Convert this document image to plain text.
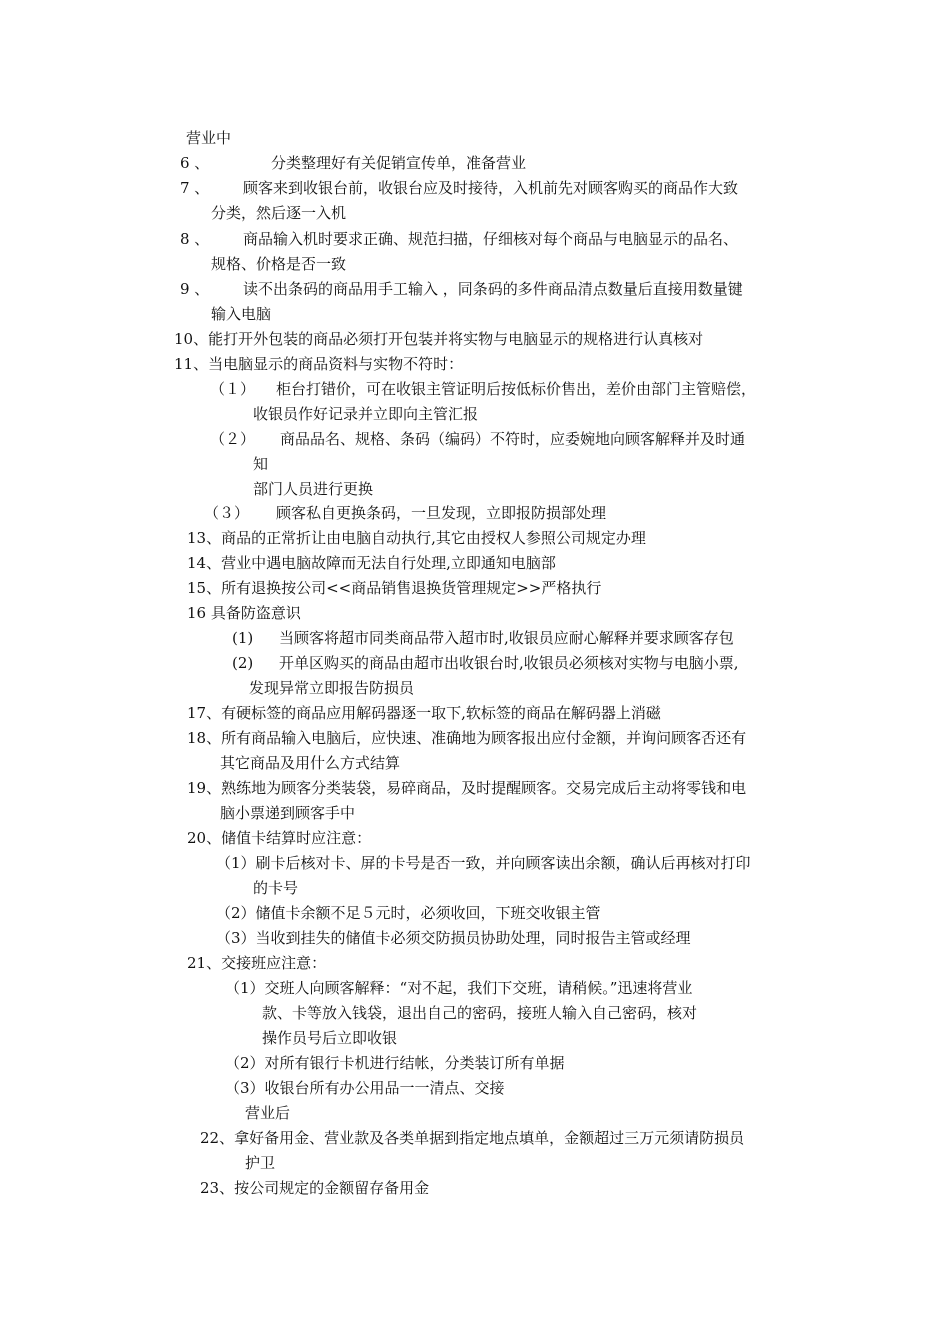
营业中
6 、	分类整理好有关促销宣传单，准备营业
7 、 顾客来到收银台前，收银台应及时接待，入机前先对顾客购买的商品作大致
分类，然后逐一入机
8 、 商品输入机时要求正确、规范扫描，仔细核对每个商品与电脑显示的品名、
规格、价格是否一致
9 、 读不出条码的商品用手工输入 ，同条码的多件商品清点数量后直接用数量键
输入电脑
10、能打开外包装的商品必须打开包装并将实物与电脑显示的规格进行认真核对
11、当电脑显示的商品资料与实物不符时：
（１） 柜台打错价，可在收银主管证明后按低标价售出，差价由部门主管赔偿，
收银员作好记录并立即向主管汇报
（２） 商品品名、规格、条码（编码）不符时，应委婉地向顾客解释并及时通
知
部门人员进行更换
（３） 顾客私自更换条码，一旦发现，立即报防损部处理
13、商品的正常折让由电脑自动执行,其它由授权人参照公司规定办理
14、营业中遇电脑故障而无法自行处理,立即通知电脑部
15、所有退换按公司<<商品销售退换货管理规定>>严格执行
16 具备防盗意识
(1) 当顾客将超市同类商品带入超市时,收银员应耐心解释并要求顾客存包
(2) 开单区购买的商品由超市出收银台时,收银员必须核对实物与电脑小票,
发现异常立即报告防损员
17、有硬标签的商品应用解码器逐一取下,软标签的商品在解码器上消磁
18、所有商品输入电脑后，应快速、准确地为顾客报出应付金额，并询问顾客否还有
其它商品及用什么方式结算
19、熟练地为顾客分类装袋，易碎商品，及时提醒顾客。交易完成后主动将零钱和电
脑小票递到顾客手中
20、储值卡结算时应注意：
（1）刷卡后核对卡、屏的卡号是否一致，并向顾客读出余额，确认后再核对打印
的卡号
（2）储值卡余额不足５元时，必须收回，下班交收银主管
（3）当收到挂失的储值卡必须交防损员协助处理，同时报告主管或经理
21、交接班应注意：
（1）交班人向顾客解释：“对不起，我们下交班，请稍候。”迅速将营业
款、卡等放入钱袋，退出自己的密码，接班人输入自己密码，核对
操作员号后立即收银
（2）对所有银行卡机进行结帐，分类装订所有单据
（3）收银台所有办公用品一一清点、交接
营业后
22、拿好备用金、营业款及各类单据到指定地点填单，金额超过三万元须请防损员
护卫
23、按公司规定的金额留存备用金
